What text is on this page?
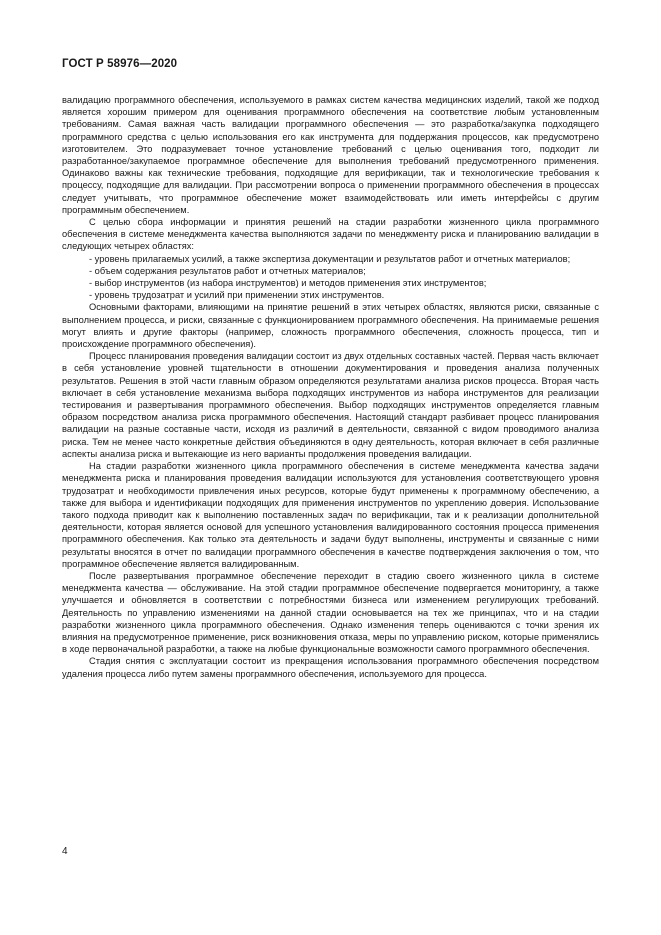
ГОСТ Р 58976—2020

валидацию программного обеспечения, используемого в рамках систем качества медицинских изделий, такой же подход является хорошим примером для оценивания программного обеспечения на соответствие любым установленным требованиям. Самая важная часть валидации программного обеспечения — это разработка/закупка подходящего программного средства с целью использования его как инструмента для поддержания процессов, как предусмотрено изготовителем. Это подразумевает точное установление требований с целью оценивания того, подходит ли разработанное/закупаемое программное обеспечение для выполнения требований предусмотренного применения. Одинаково важны как технические требования, подходящие для верификации, так и технологические требования к процессу, подходящие для валидации. При рассмотрении вопроса о применении программного обеспечения в процессах следует учитывать, что программное обеспечение может взаимодействовать или иметь интерфейсы с другим программным обеспечением.

С целью сбора информации и принятия решений на стадии разработки жизненного цикла программного обеспечения в системе менеджмента качества выполняются задачи по менеджменту риска и планированию валидации в следующих четырех областях:

- уровень прилагаемых усилий, а также экспертиза документации и результатов работ и отчетных материалов;

- объем содержания результатов работ и отчетных материалов;

- выбор инструментов (из набора инструментов) и методов применения этих инструментов;

- уровень трудозатрат и усилий при применении этих инструментов.

Основными факторами, влияющими на принятие решений в этих четырех областях, являются риски, связанные с выполнением процесса, и риски, связанные с функционированием программного обеспечения. На принимаемые решения могут влиять и другие факторы (например, сложность программного обеспечения, сложность процесса, тип и происхождение программного обеспечения).

Процесс планирования проведения валидации состоит из двух отдельных составных частей. Первая часть включает в себя установление уровней тщательности в отношении документирования и проведения анализа полученных результатов. Решения в этой части главным образом определяются результатами анализа рисков процесса. Вторая часть включает в себя установление механизма выбора подходящих инструментов из набора инструментов для реализации тестирования и развертывания программного обеспечения. Выбор подходящих инструментов определяется главным образом посредством анализа риска программного обеспечения. Настоящий стандарт разбивает процесс планирования валидации на разные составные части, исходя из различий в деятельности, связанной с видом проводимого анализа риска. Тем не менее часто конкретные действия объединяются в одну деятельность, которая включает в себя различные аспекты анализа риска и вытекающие из него варианты продолжения проведения валидации.

На стадии разработки жизненного цикла программного обеспечения в системе менеджмента качества задачи менеджмента риска и планирования проведения валидации используются для установления соответствующего уровня трудозатрат и необходимости привлечения иных ресурсов, которые будут применены к программному обеспечению, а также для выбора и идентификации подходящих для применения инструментов по укреплению доверия. Использование такого подхода приводит как к выполнению поставленных задач по верификации, так и к реализации дополнительной деятельности, которая является основой для успешного установления валидированного состояния процесса применения программного обеспечения. Как только эта деятельность и задачи будут выполнены, инструменты и связанные с ними результаты вносятся в отчет по валидации программного обеспечения в качестве подтверждения заключения о том, что программное обеспечение является валидированным.

После развертывания программное обеспечение переходит в стадию своего жизненного цикла в системе менеджмента качества — обслуживание. На этой стадии программное обеспечение подвергается мониторингу, а также улучшается и обновляется в соответствии с потребностями бизнеса или изменением регулирующих требований. Деятельность по управлению изменениями на данной стадии основывается на тех же принципах, что и на стадии разработки жизненного цикла программного обеспечения. Однако изменения теперь оцениваются с точки зрения их влияния на предусмотренное применение, риск возникновения отказа, меры по управлению риском, которые применялись в ходе первоначальной разработки, а также на любые функциональные возможности самого программного обеспечения.

Стадия снятия с эксплуатации состоит из прекращения использования программного обеспечения посредством удаления процесса либо путем замены программного обеспечения, используемого для процесса.

4
